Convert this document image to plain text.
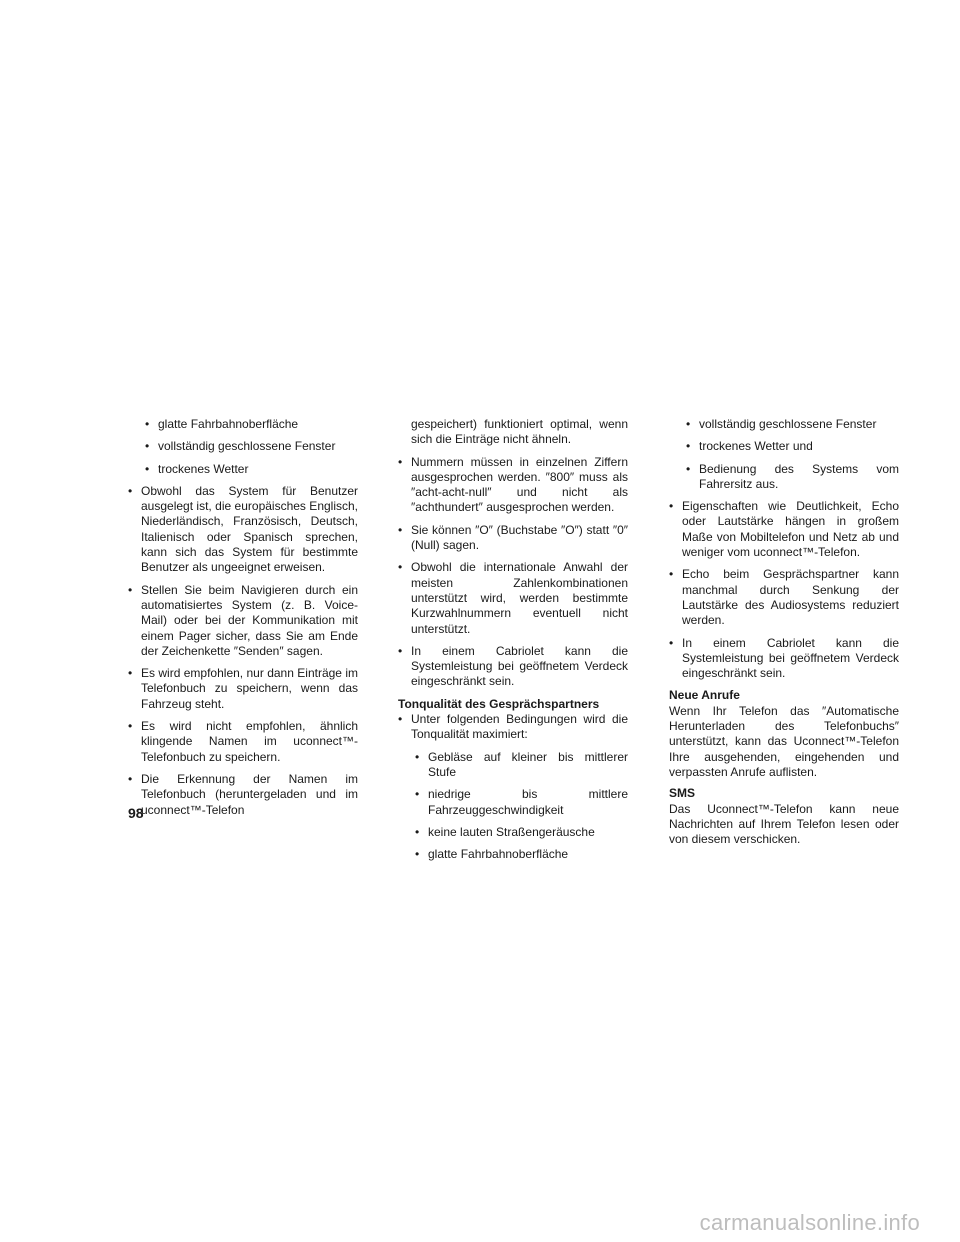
• glatte Fahrbahnoberfläche
• vollständig geschlossene Fenster
• trockenes Wetter
• Obwohl das System für Benutzer ausgelegt ist, die europäisches Englisch, Niederländisch, Französisch, Deutsch, Italienisch oder Spanisch sprechen, kann sich das System für bestimmte Benutzer als ungeeignet erweisen.
• Stellen Sie beim Navigieren durch ein automatisiertes System (z. B. Voice-Mail) oder bei der Kommunikation mit einem Pager sicher, dass Sie am Ende der Zeichenkette ″Senden″ sagen.
• Es wird empfohlen, nur dann Einträge im Telefonbuch zu speichern, wenn das Fahrzeug steht.
• Es wird nicht empfohlen, ähnlich klingende Namen im uconnect™-Telefonbuch zu speichern.
• Die Erkennung der Namen im Telefonbuch (heruntergeladen und im uconnect™-Telefon
gespeichert) funktioniert optimal, wenn sich die Einträge nicht ähneln.
• Nummern müssen in einzelnen Ziffern ausgesprochen werden. ″800″ muss als ″acht-acht-null″ und nicht als ″achthundert″ ausgesprochen werden.
• Sie können ″O″ (Buchstabe ″O″) statt ″0″ (Null) sagen.
• Obwohl die internationale Anwahl der meisten Zahlenkombinationen unterstützt wird, werden bestimmte Kurzwahlnummern eventuell nicht unterstützt.
• In einem Cabriolet kann die Systemleistung bei geöffnetem Verdeck eingeschränkt sein.
Tonqualität des Gesprächspartners
• Unter folgenden Bedingungen wird die Tonqualität maximiert:
• Gebläse auf kleiner bis mittlerer Stufe
• niedrige bis mittlere Fahrzeuggeschwindigkeit
• keine lauten Straßengeräusche
• glatte Fahrbahnoberfläche
• vollständig geschlossene Fenster
• trockenes Wetter und
• Bedienung des Systems vom Fahrersitz aus.
• Eigenschaften wie Deutlichkeit, Echo oder Lautstärke hängen in großem Maße von Mobiltelefon und Netz ab und weniger vom uconnect™-Telefon.
• Echo beim Gesprächspartner kann manchmal durch Senkung der Lautstärke des Audiosystems reduziert werden.
• In einem Cabriolet kann die Systemleistung bei geöffnetem Verdeck eingeschränkt sein.
Neue Anrufe
Wenn Ihr Telefon das ″Automatische Herunterladen des Telefonbuchs″ unterstützt, kann das Uconnect™-Telefon Ihre ausgehenden, eingehenden und verpassten Anrufe auflisten.
SMS
Das Uconnect™-Telefon kann neue Nachrichten auf Ihrem Telefon lesen oder von diesem verschicken.
98
carmanualsonline.info
